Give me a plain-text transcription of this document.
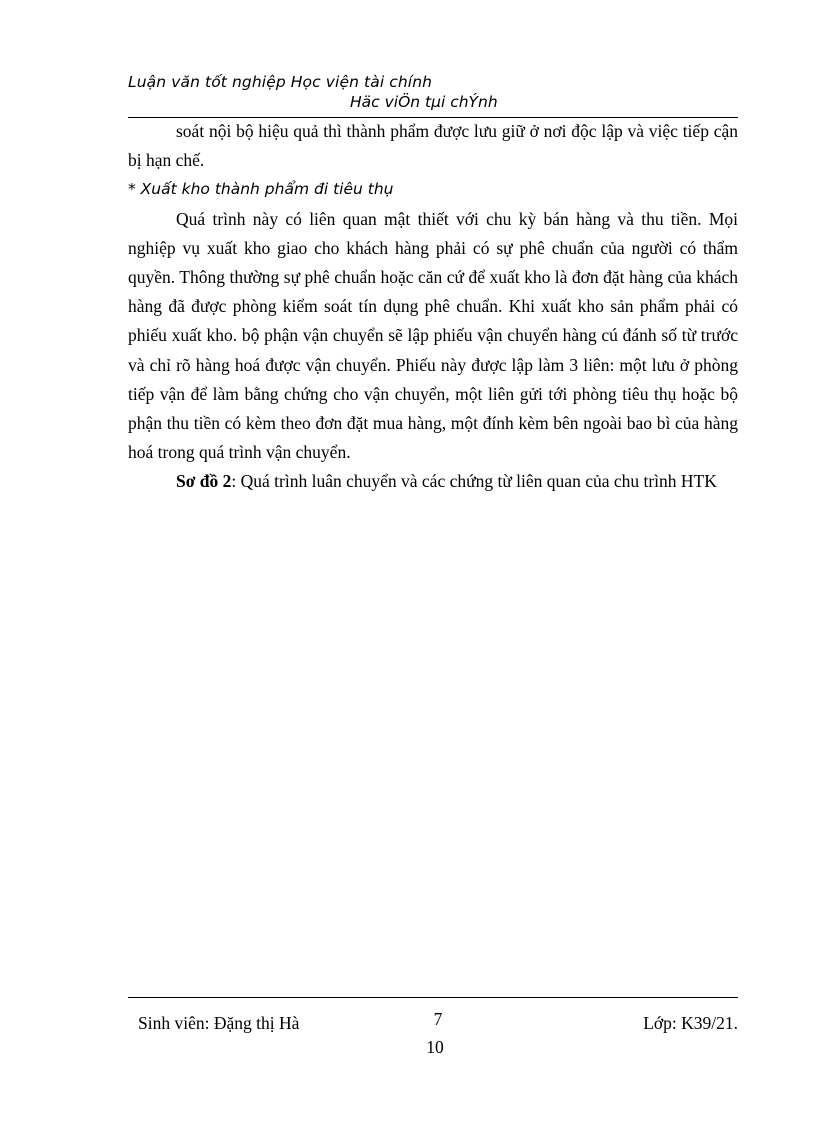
Luận văn tốt nghiệp Học viện tài chính
Häc viÖn tµi chÝnh

soát nội bộ hiệu quả thì thành phẩm được lưu giữ ở nơi độc lập và việc tiếp cận bị hạn chế.

* Xuất kho thành phẩm đi tiêu thụ

Quá trình này có liên quan mật thiết với chu kỳ bán hàng và thu tiền. Mọi nghiệp vụ xuất kho giao cho khách hàng phải có sự phê chuẩn của người có thẩm quyền. Thông thường sự phê chuẩn hoặc căn cứ để xuất kho là đơn đặt hàng của khách hàng đã được phòng kiểm soát tín dụng phê chuẩn. Khi xuất kho sản phẩm phải có phiếu xuất kho. bộ phận vận chuyển sẽ lập phiếu vận chuyển hàng cú đánh số từ trước và chỉ rõ hàng hoá được vận chuyển. Phiếu này được lập làm 3 liên: một lưu ở phòng tiếp vận để làm bằng chứng cho vận chuyển, một liên gửi tới phòng tiêu thụ hoặc bộ phận thu tiền có kèm theo đơn đặt mua hàng, một đính kèm bên ngoài bao bì của hàng hoá trong quá trình vận chuyển.

Sơ đồ 2: Quá trình luân chuyển và các chứng từ liên quan của chu trình HTK

Sinh viên: Đặng thị Hà	7
10
Lớp: K39/21.
